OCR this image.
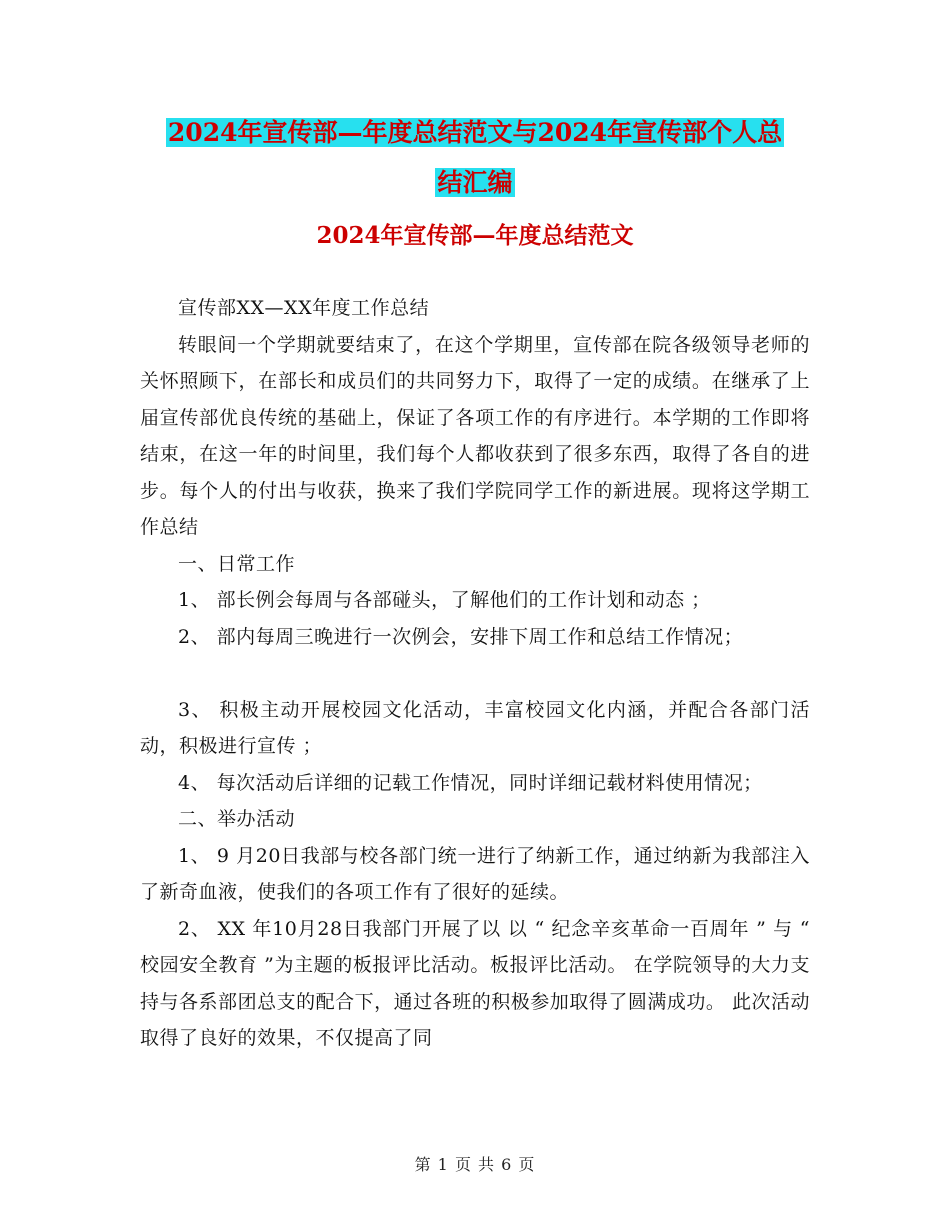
2024年宣传部—年度总结范文与2024年宣传部个人总
结汇编
2024年宣传部—年度总结范文

宣传部XX—XX年度工作总结

转眼间一个学期就要结束了，在这个学期里，宣传部在院各级领导老师的关怀照顾下，在部长和成员们的共同努力下，取得了一定的成绩。在继承了上届宣传部优良传统的基础上，保证了各项工作的有序进行。本学期的工作即将结束，在这一年的时间里，我们每个人都收获到了很多东西，取得了各自的进步。每个人的付出与收获，换来了我们学院同学工作的新进展。现将这学期工作总结

一、日常工作

1、 部长例会每周与各部碰头，了解他们的工作计划和动态 ；

2、 部内每周三晚进行一次例会，安排下周工作和总结工作情况；

3、 积极主动开展校园文化活动，丰富校园文化内涵，并配合各部门活动，积极进行宣传 ；

4、 每次活动后详细的记载工作情况，同时详细记载材料使用情况；

二、举办活动

1、 9 月20日我部与校各部门统一进行了纳新工作，通过纳新为我部注入了新奇血液，使我们的各项工作有了很好的延续。

2、 XX 年10月28日我部门开展了以 以 “ 纪念辛亥革命一百周年 ” 与 “ 校园安全教育 ”为主题的板报评比活动。板报评比活动。 在学院领导的大力支持与各系部团总支的配合下，通过各班的积极参加取得了圆满成功。 此次活动取得了良好的效果，不仅提高了同

第 1 页 共 6 页
